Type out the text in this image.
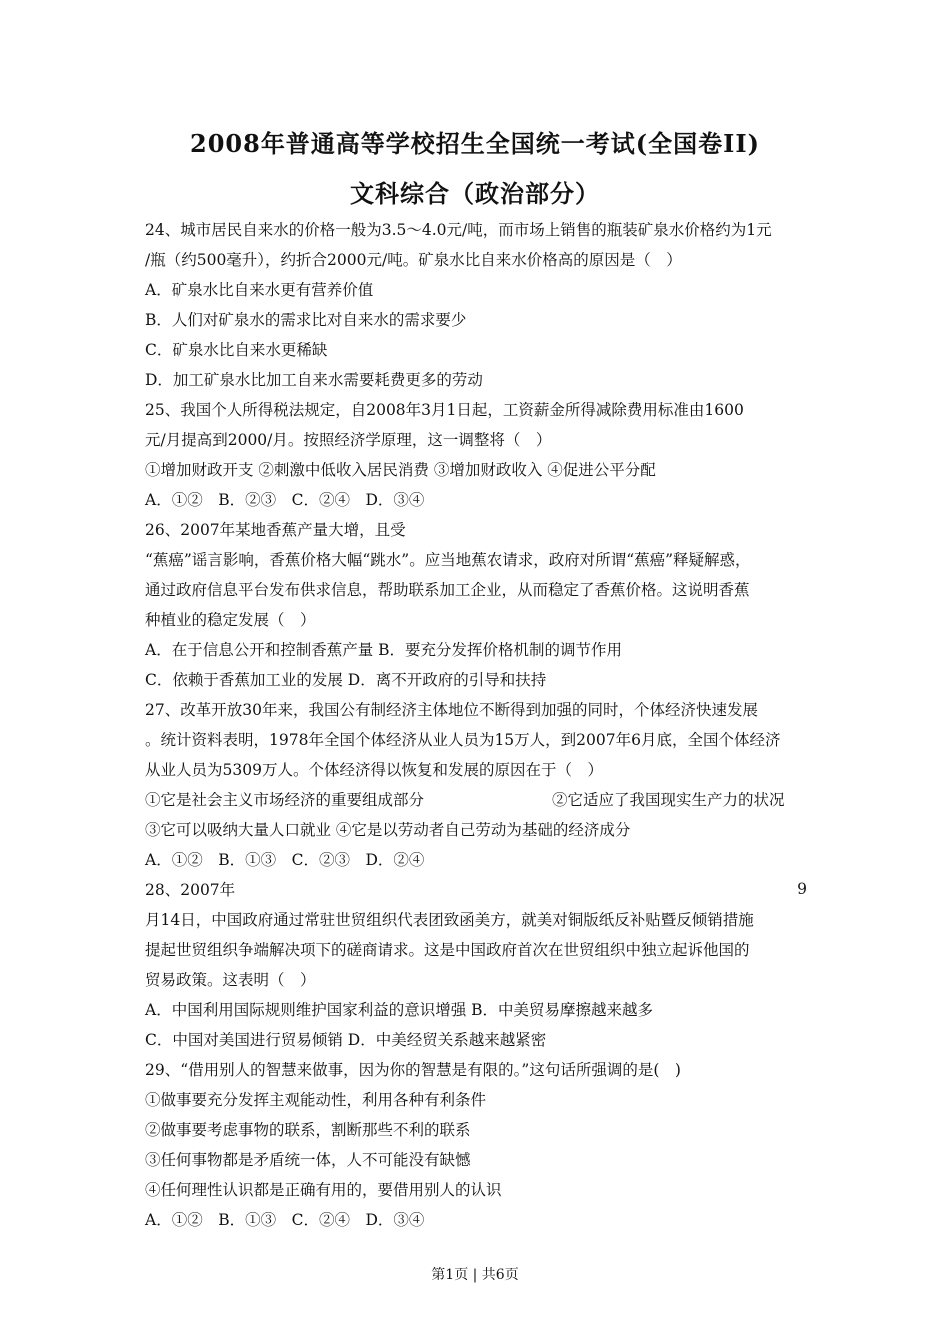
2008年普通高等学校招生全国统一考试(全国卷II)
文科综合（政治部分）
24、城市居民自来水的价格一般为3.5～4.0元/吨，而市场上销售的瓶装矿泉水价格约为1元
/瓶（约500毫升），约折合2000元/吨。矿泉水比自来水价格高的原因是（　）
A．矿泉水比自来水更有营养价值
B．人们对矿泉水的需求比对自来水的需求要少
C．矿泉水比自来水更稀缺
D．加工矿泉水比加工自来水需要耗费更多的劳动
25、我国个人所得税法规定，自2008年3月1日起，工资薪金所得减除费用标准由1600
元/月提高到2000/月。按照经济学原理，这一调整将（　）
①增加财政开支 ②刺激中低收入居民消费 ③增加财政收入 ④促进公平分配
A．①②　B．②③　C．②④　D．③④
26、2007年某地香蕉产量大增，且受
“蕉癌”谣言影响，香蕉价格大幅“跳水”。应当地蕉农请求，政府对所谓“蕉癌”释疑解惑，
通过政府信息平台发布供求信息，帮助联系加工企业，从而稳定了香蕉价格。这说明香蕉
种植业的稳定发展（　）
A．在于信息公开和控制香蕉产量 B．要充分发挥价格机制的调节作用
C．依赖于香蕉加工业的发展 D．离不开政府的引导和扶持
27、改革开放30年来，我国公有制经济主体地位不断得到加强的同时，个体经济快速发展
。统计资料表明，1978年全国个体经济从业人员为15万人，到2007年6月底，全国个体经济
从业人员为5309万人。个体经济得以恢复和发展的原因在于（　）
①它是社会主义市场经济的重要组成部分	②它适应了我国现实生产力的状况
③它可以吸纳大量人口就业 ④它是以劳动者自己劳动为基础的经济成分
A．①②　B．①③　C．②③　D．②④
28、2007年	9
月14日，中国政府通过常驻世贸组织代表团致函美方，就美对铜版纸反补贴暨反倾销措施
提起世贸组织争端解决项下的磋商请求。这是中国政府首次在世贸组织中独立起诉他国的
贸易政策。这表明（　）
A．中国利用国际规则维护国家利益的意识增强 B．中美贸易摩擦越来越多
C．中国对美国进行贸易倾销 D．中美经贸关系越来越紧密
29、“借用别人的智慧来做事，因为你的智慧是有限的。”这句话所强调的是(　)
①做事要充分发挥主观能动性，利用各种有利条件
②做事要考虑事物的联系，割断那些不利的联系
③任何事物都是矛盾统一体，人不可能没有缺憾
④任何理性认识都是正确有用的，要借用别人的认识
A．①②　B．①③　C．②④　D．③④
第1页 | 共6页
